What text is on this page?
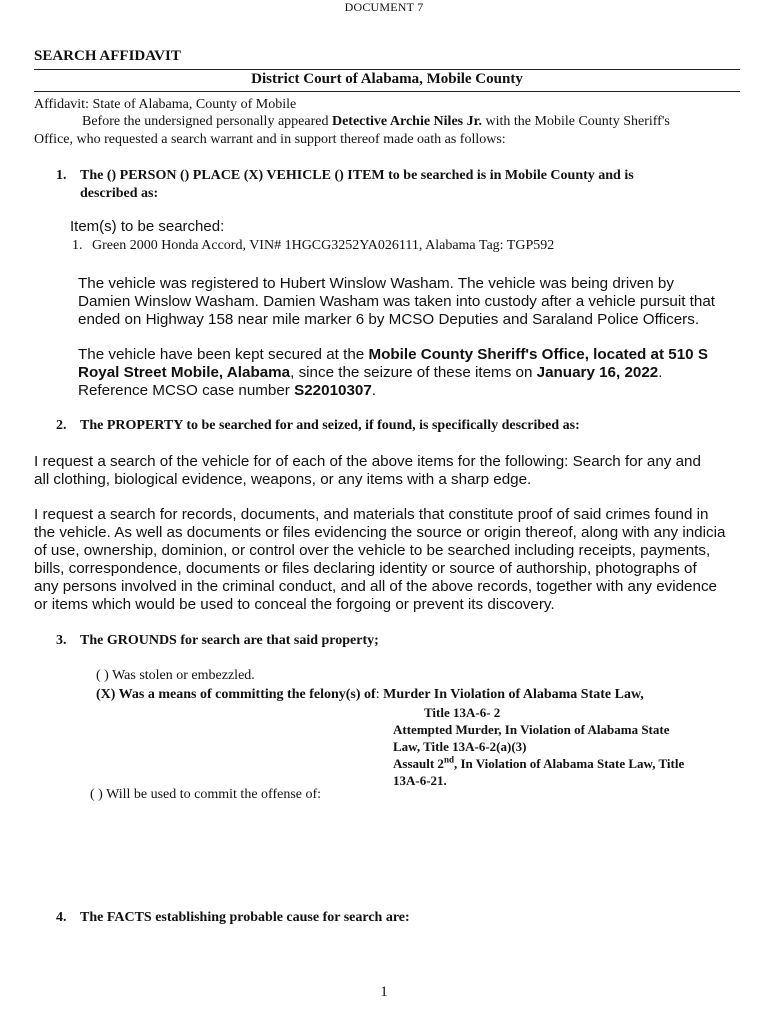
DOCUMENT 7
SEARCH AFFIDAVIT
District Court of Alabama, Mobile County
Affidavit: State of Alabama, County of Mobile
Before the undersigned personally appeared Detective Archie Niles Jr. with the Mobile County Sheriff's
Office, who requested a search warrant and in support thereof made oath as follows:
1. The () PERSON () PLACE (X) VEHICLE () ITEM to be searched is in Mobile County and is
described as:
Item(s) to be searched:
1. Green 2000 Honda Accord, VIN# 1HGCG3252YA026111, Alabama Tag: TGP592
The vehicle was registered to Hubert Winslow Washam. The vehicle was being driven by
Damien Winslow Washam. Damien Washam was taken into custody after a vehicle pursuit that
ended on Highway 158 near mile marker 6 by MCSO Deputies and Saraland Police Officers.
The vehicle have been kept secured at the Mobile County Sheriff's Office, located at 510 S
Royal Street Mobile, Alabama, since the seizure of these items on January 16, 2022.
Reference MCSO case number S22010307.
2. The PROPERTY to be searched for and seized, if found, is specifically described as:
I request a search of the vehicle for of each of the above items for the following: Search for any and
all clothing, biological evidence, weapons, or any items with a sharp edge.
I request a search for records, documents, and materials that constitute proof of said crimes found in
the vehicle. As well as documents or files evidencing the source or origin thereof, along with any indicia
of use, ownership, dominion, or control over the vehicle to be searched including receipts, payments,
bills, correspondence, documents or files declaring identity or source of authorship, photographs of
any persons involved in the criminal conduct, and all of the above records, together with any evidence
or items which would be used to conceal the forgoing or prevent its discovery.
3. The GROUNDS for search are that said property;
( ) Was stolen or embezzled.
(X) Was a means of committing the felony(s) of: Murder In Violation of Alabama State Law,
Title 13A-6- 2
Attempted Murder, In Violation of Alabama State
Law, Title 13A-6-2(a)(3)
Assault 2nd, In Violation of Alabama State Law, Title
13A-6-21.
( ) Will be used to commit the offense of:
4. The FACTS establishing probable cause for search are:
1
